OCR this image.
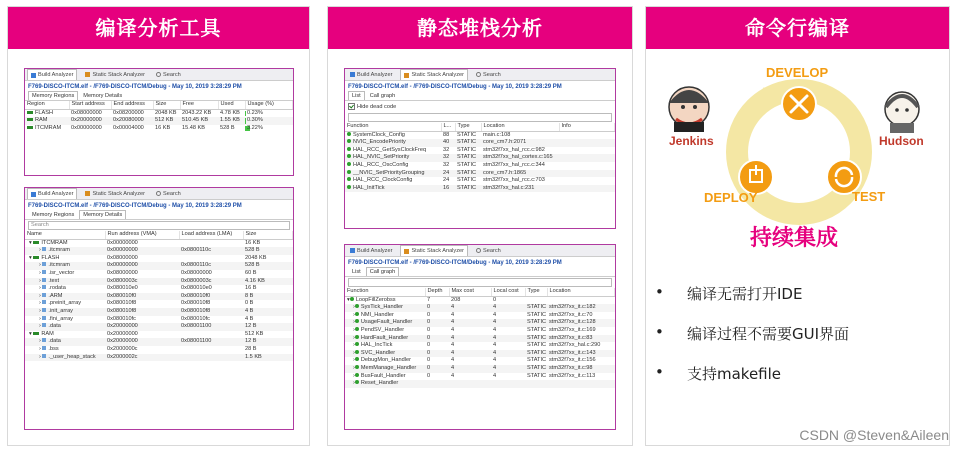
编译分析工具
Build Analyzer	Static Stack Analyzer	Search
F769-DISCO-ITCM.elf - /F769-DISCO-ITCM/Debug - May 10, 2019 3:28:29 PM
Memory Regions	Memory Details
Region	Start address	End address	Size	Free	Used	Usage (%)
FLASH	0x08000000	0x08200000	2048 KB	2043.22 KB	4.78 KB	0.23%
RAM	0x20000000	0x20080000	512 KB	510.45 KB	1.55 KB	0.30%
ITCMRAM	0x00000000	0x00004000	16 KB	15.48 KB	528 B	3.22%
Build Analyzer	Static Stack Analyzer	Search
F769-DISCO-ITCM.elf - /F769-DISCO-ITCM/Debug - May 10, 2019 3:28:29 PM
Memory Regions	Memory Details
Search
Name	Run address (VMA)	Load address (LMA)	Size
▾ ITCMRAM	0x00000000		16 KB
› .itcmram	0x00000000	0x0800110c	528 B
▾ FLASH	0x08000000		2048 KB
› .itcmram	0x00000000	0x0800110c	528 B
› .isr_vector	0x08000000	0x08000000	60 B
› .text	0x0800003c	0x0800003c	4.16 KB
› .rodata	0x080010e0	0x080010e0	16 B
› .ARM	0x080010f0	0x080010f0	8 B
› .preinit_array	0x080010f8	0x080010f8	0 B
› .init_array	0x080010f8	0x080010f8	4 B
› .fini_array	0x080010fc	0x080010fc	4 B
› .data	0x20000000	0x08001100	12 B
▾ RAM	0x20000000		512 KB
› .data	0x20000000	0x08001100	12 B
› .bss	0x2000000c		28 B
› ._user_heap_stack	0x2000002c		1.5 KB
静态堆栈分析
Build Analyzer	Static Stack Analyzer	Search
F769-DISCO-ITCM.elf - /F769-DISCO-ITCM/Debug - May 10, 2019 3:28:29 PM
List	Call graph
Hide dead code
Function	L...	Type	Location	Info
SystemClock_Config	88	STATIC	main.c:108	
NVIC_EncodePriority	40	STATIC	core_cm7.h:2071	
HAL_RCC_GetSysClockFreq	32	STATIC	stm32f7xx_hal_rcc.c:982	
HAL_NVIC_SetPriority	32	STATIC	stm32f7xx_hal_cortex.c:165	
HAL_RCC_OscConfig	32	STATIC	stm32f7xx_hal_rcc.c:344	
__NVIC_SetPriorityGrouping	24	STATIC	core_cm7.h:1865	
HAL_RCC_ClockConfig	24	STATIC	stm32f7xx_hal_rcc.c:703	
HAL_InitTick	16	STATIC	stm32f7xx_hal.c:231	
Build Analyzer	Static Stack Analyzer	Search
F769-DISCO-ITCM.elf - /F769-DISCO-ITCM/Debug - May 10, 2019 3:28:29 PM
List	Call graph
Function	Depth	Max cost	Local cost	Type	Location
▾ LoopFillZerobss	7	208	0		
› SysTick_Handler	0	4	4	STATIC	stm32f7xx_it.c:182
› NMI_Handler	0	4	4	STATIC	stm32f7xx_it.c:70
› UsageFault_Handler	0	4	4	STATIC	stm32f7xx_it.c:128
› PendSV_Handler	0	4	4	STATIC	stm32f7xx_it.c:169
› HardFault_Handler	0	4	4	STATIC	stm32f7xx_it.c:83
› HAL_IncTick	0	4	4	STATIC	stm32f7xx_hal.c:290
› SVC_Handler	0	4	4	STATIC	stm32f7xx_it.c:143
› DebugMon_Handler	0	4	4	STATIC	stm32f7xx_it.c:156
› MemManage_Handler	0	4	4	STATIC	stm32f7xx_it.c:98
› BusFault_Handler	0	4	4	STATIC	stm32f7xx_it.c:113
› Reset_Handler					
命令行编译
DEVELOP
TEST
DEPLOY
Jenkins	Hudson
持续集成
• 编译无需打开IDE
• 编译过程不需要GUI界面
• 支持makefile
CSDN @Steven&Aileen
